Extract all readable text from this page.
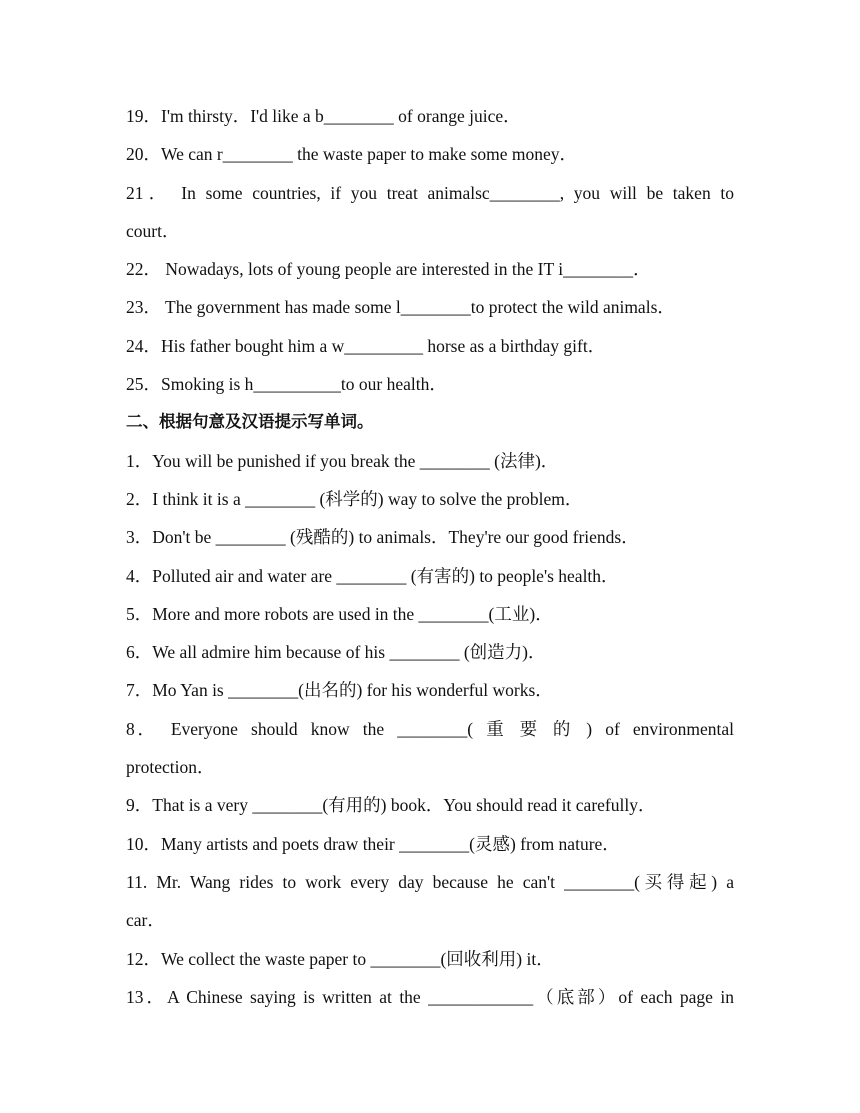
19．I'm thirsty．I'd like a b________ of orange juice．
20．We can r________ the waste paper to make some money．
21． In some countries, if you treat animalsc________, you will be taken to
court．
22． Nowadays, lots of young people are interested in the IT i________．
23． The government has made some l________to protect the wild animals．
24．His father bought him a w_________ horse as a birthday gift．
25．Smoking is h__________to our health．
二、根据句意及汉语提示写单词。
1．You will be punished if you break the ________ (法律)．
2．I think it is a ________ (科学的) way to solve the problem．
3．Don't be ________ (残酷的) to animals．They're our good friends．
4．Polluted air and water are ________ (有害的) to people's health．
5．More and more robots are used in the ________(工业)．
6．We all admire him because of his ________ (创造力)．
7．Mo Yan is ________(出名的) for his wonderful works．
8． Everyone should know the ________( 重 要 的 ) of environmental
protection．
9．That is a very ________(有用的) book．You should read it carefully．
10．Many artists and poets draw their ________(灵感) from nature．
11. Mr. Wang rides to work every day because he can't ________(买得起) a
car．
12．We collect the waste paper to ________(回收利用) it．
13．A Chinese saying is written at the ____________（底部）of each page in
